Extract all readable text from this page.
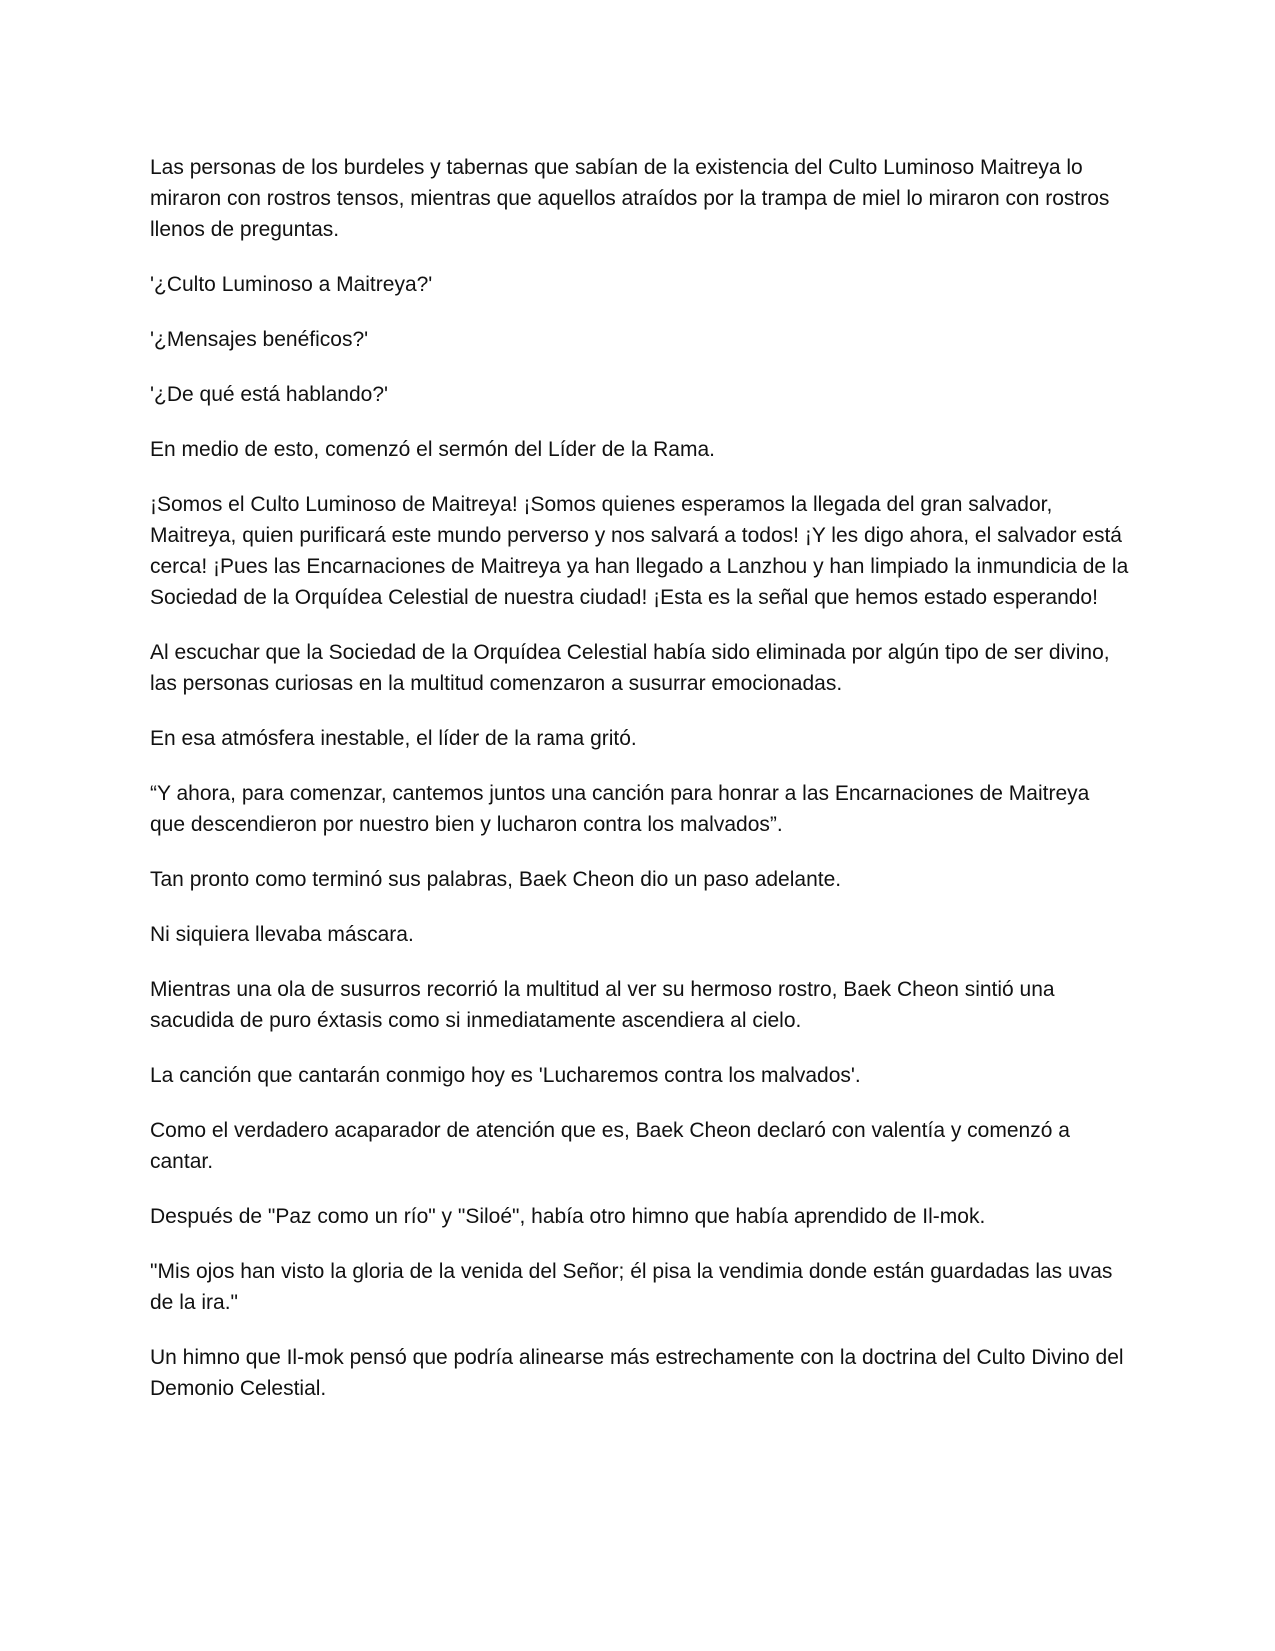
Las personas de los burdeles y tabernas que sabían de la existencia del Culto Luminoso Maitreya lo miraron con rostros tensos, mientras que aquellos atraídos por la trampa de miel lo miraron con rostros llenos de preguntas.

'¿Culto Luminoso a Maitreya?'

'¿Mensajes benéficos?'

'¿De qué está hablando?'

En medio de esto, comenzó el sermón del Líder de la Rama.

¡Somos el Culto Luminoso de Maitreya! ¡Somos quienes esperamos la llegada del gran salvador, Maitreya, quien purificará este mundo perverso y nos salvará a todos! ¡Y les digo ahora, el salvador está cerca! ¡Pues las Encarnaciones de Maitreya ya han llegado a Lanzhou y han limpiado la inmundicia de la Sociedad de la Orquídea Celestial de nuestra ciudad! ¡Esta es la señal que hemos estado esperando!

Al escuchar que la Sociedad de la Orquídea Celestial había sido eliminada por algún tipo de ser divino, las personas curiosas en la multitud comenzaron a susurrar emocionadas.

En esa atmósfera inestable, el líder de la rama gritó.

“Y ahora, para comenzar, cantemos juntos una canción para honrar a las Encarnaciones de Maitreya que descendieron por nuestro bien y lucharon contra los malvados”.

Tan pronto como terminó sus palabras, Baek Cheon dio un paso adelante.

Ni siquiera llevaba máscara.

Mientras una ola de susurros recorrió la multitud al ver su hermoso rostro, Baek Cheon sintió una sacudida de puro éxtasis como si inmediatamente ascendiera al cielo.

La canción que cantarán conmigo hoy es 'Lucharemos contra los malvados'.

Como el verdadero acaparador de atención que es, Baek Cheon declaró con valentía y comenzó a cantar.

Después de "Paz como un río" y "Siloé", había otro himno que había aprendido de Il-mok.

"Mis ojos han visto la gloria de la venida del Señor; él pisa la vendimia donde están guardadas las uvas de la ira."

Un himno que Il-mok pensó que podría alinearse más estrechamente con la doctrina del Culto Divino del Demonio Celestial.
